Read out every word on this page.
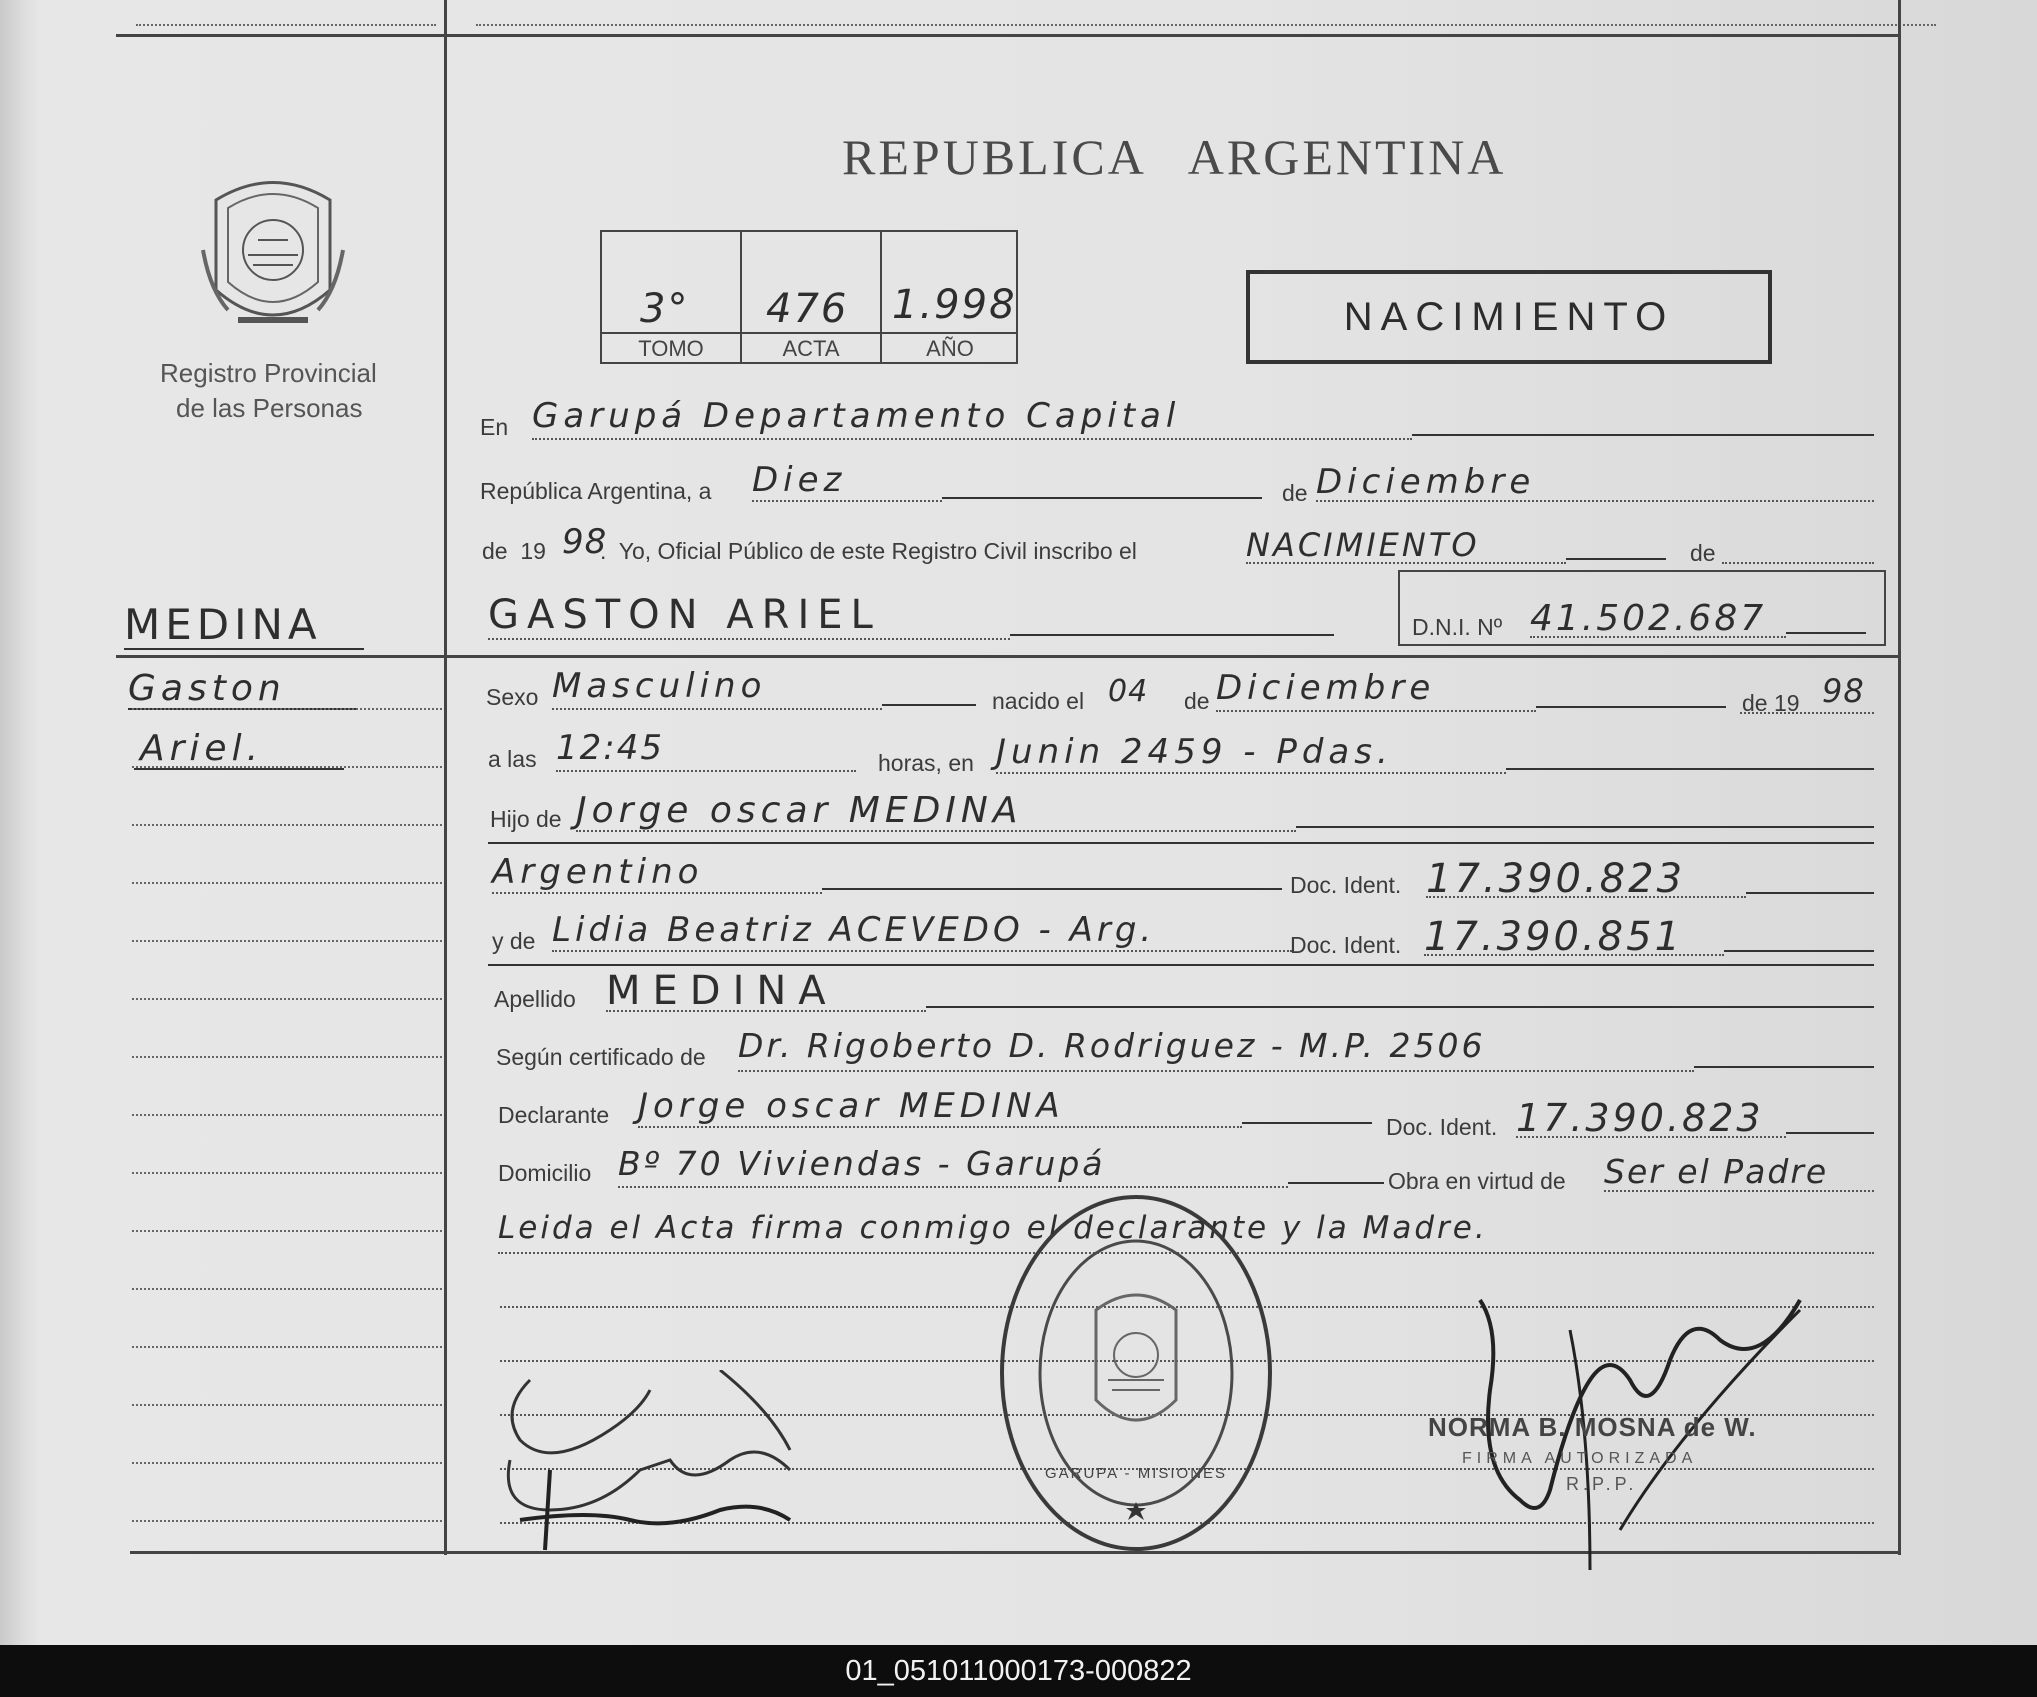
Registro Provincial
de las Personas
MEDINA
Gaston
Ariel.
REPUBLICA   ARGENTINA
3° 476 1.998
TOMO	ACTA	AÑO
NACIMIENTO
En Garupá Departamento Capital
República Argentina, a Diez	de Diciembre
de  19 98
.  Yo, Oficial Público de este Registro Civil inscribo el	NACIMIENTO	de
GASTON ARIEL	D.N.I. Nº 41.502.687
Sexo Masculino	nacido el 04 de Diciembre	de 19 98
a las 12:45	horas, en Junin 2459 - Pdas.
Hijo de Jorge oscar MEDINA
Argentino	Doc. Ident. 17.390.823
y de Lidia Beatriz ACEVEDO - Arg.	Doc. Ident. 17.390.851
Apellido MEDINA
Según certificado de Dr. Rigoberto D. Rodriguez - M.P. 2506
Declarante Jorge oscar MEDINA
Doc. Ident. 17.390.823
Domicilio Bº 70 Viviendas - Garupá	Obra en virtud de Ser el Padre
Leida el Acta firma conmigo el declarante y la Madre.
GARUPA - MISIONES
NORMA B. MOSNA de W.
FIRMA AUTORIZADA
R.P.P.
01_051011000173-000822
